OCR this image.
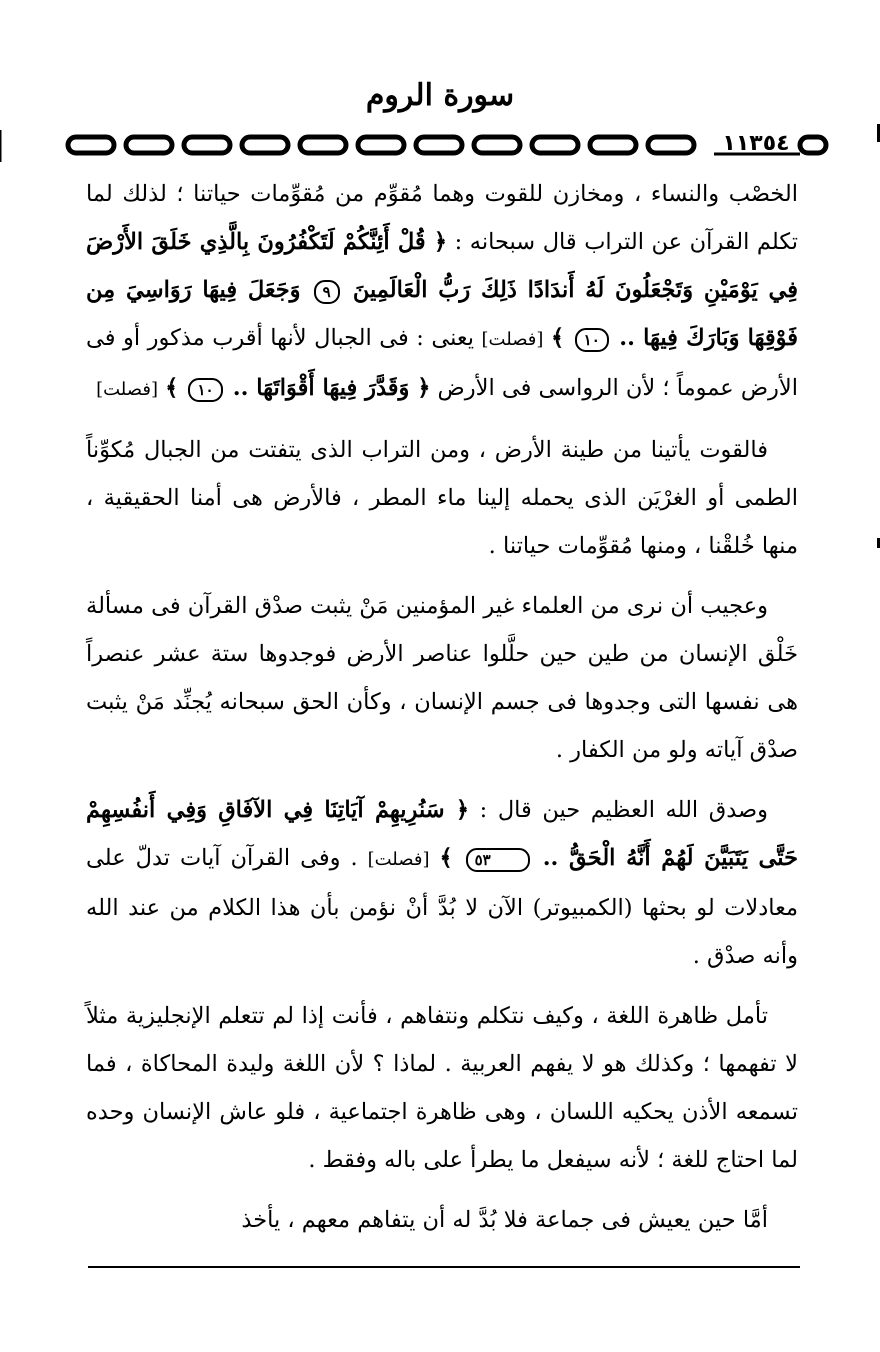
سورة الروم
١١٣٥٤

الخصْب والنساء ، ومخازن للقوت وهما مُقوِّم من مُقوِّمات حياتنا ؛ لذلك لما تكلم القرآن عن التراب قال سبحانه : ﴿ قُلْ أَئِنَّكُمْ لَتَكْفُرُونَ بِالَّذِي خَلَقَ الأَرْضَ فِي يَوْمَيْنِ وَتَجْعَلُونَ لَهُ أَندَادًا ذَلِكَ رَبُّ الْعَالَمِينَ ٩ وَجَعَلَ فِيهَا رَوَاسِيَ مِن فَوْقِهَا وَبَارَكَ فِيهَا .. ١٠ ﴾ [فصلت] يعنى : فى الجبال لأنها أقرب مذكور أو فى الأرض عموماً ؛ لأن الرواسى فى الأرض ﴿ وَقَدَّرَ فِيهَا أَقْوَاتَهَا .. ١٠ ﴾ [فصلت]

فالقوت يأتينا من طينة الأرض ، ومن التراب الذى يتفتت من الجبال مُكوِّناً الطمى أو الغرْيَن الذى يحمله إلينا ماء المطر ، فالأرض هى أمنا الحقيقية ، منها خُلقْنا ، ومنها مُقوِّمات حياتنا .

وعجيب أن نرى من العلماء غير المؤمنين مَنْ يثبت صدْق القرآن فى مسألة خَلْق الإنسان من طين حين حلَّلوا عناصر الأرض فوجدوها ستة عشر عنصراً هى نفسها التى وجدوها فى جسم الإنسان ، وكأن الحق سبحانه يُجنِّد مَنْ يثبت صدْق آياته ولو من الكفار .

وصدق الله العظيم حين قال : ﴿ سَنُرِيهِمْ آيَاتِنَا فِي الآفَاقِ وَفِي أَنفُسِهِمْ حَتَّى يَتَبَيَّنَ لَهُمْ أَنَّهُ الْحَقُّ .. ٥٣ ﴾ [فصلت] . وفى القرآن آيات تدلّ على معادلات لو بحثها (الكمبيوتر) الآن لا بُدَّ أنْ نؤمن بأن هذا الكلام من عند الله وأنه صدْق .

تأمل ظاهرة اللغة ، وكيف نتكلم ونتفاهم ، فأنت إذا لم تتعلم الإنجليزية مثلاً لا تفهمها ؛ وكذلك هو لا يفهم العربية . لماذا ؟ لأن اللغة وليدة المحاكاة ، فما تسمعه الأذن يحكيه اللسان ، وهى ظاهرة اجتماعية ، فلو عاش الإنسان وحده لما احتاج للغة ؛ لأنه سيفعل ما يطرأ على باله وفقط .

أمَّا حين يعيش فى جماعة فلا بُدَّ له أن يتفاهم معهم ، يأخذ
